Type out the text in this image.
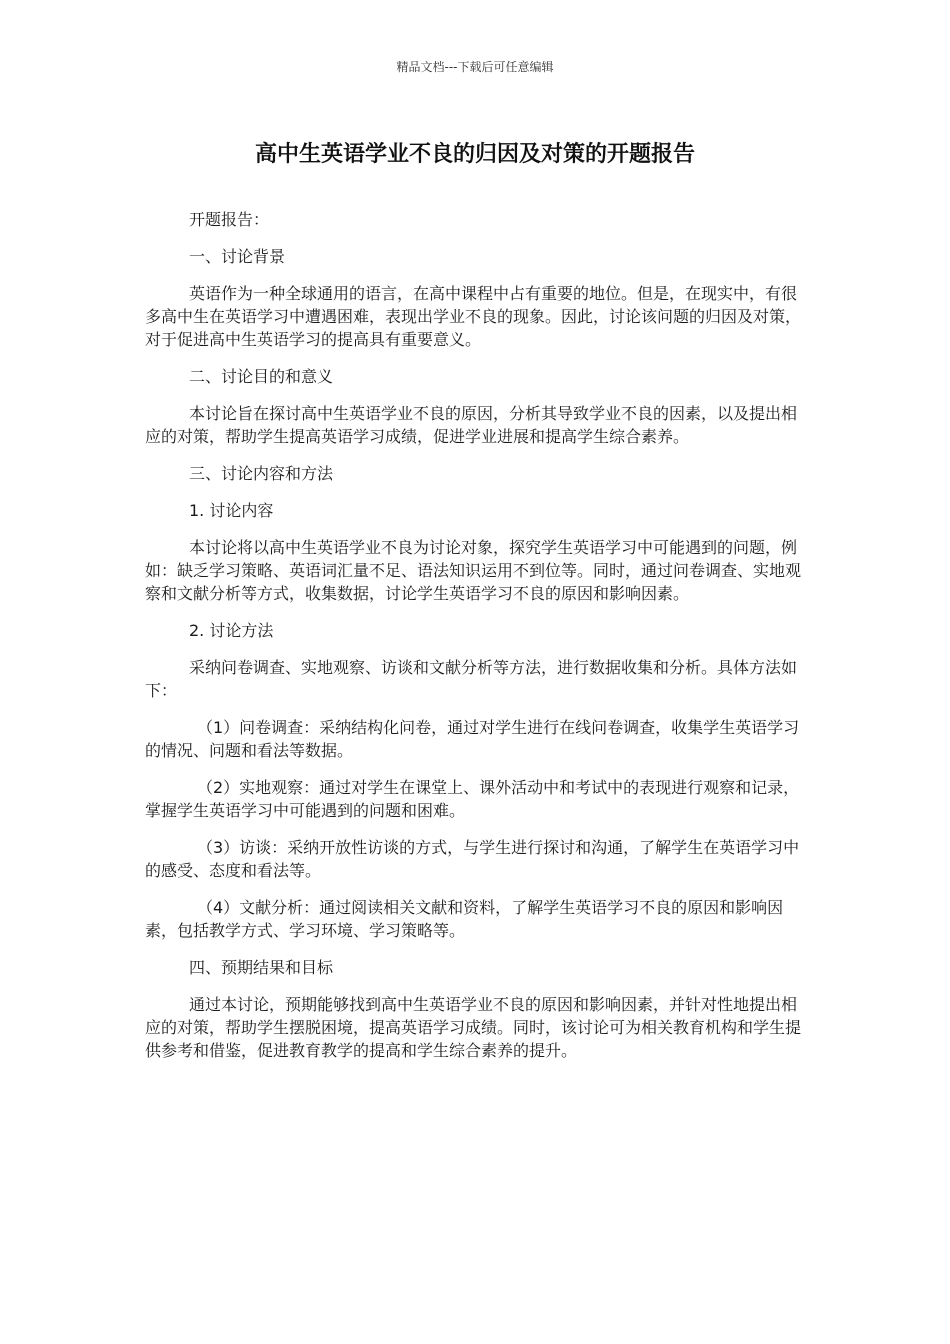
精品文档---下载后可任意编辑
高中生英语学业不良的归因及对策的开题报告

开题报告：

一、讨论背景

英语作为一种全球通用的语言，在高中课程中占有重要的地位。但是，在现实中，有很多高中生在英语学习中遭遇困难，表现出学业不良的现象。因此，讨论该问题的归因及对策，对于促进高中生英语学习的提高具有重要意义。

二、讨论目的和意义

本讨论旨在探讨高中生英语学业不良的原因，分析其导致学业不良的因素，以及提出相应的对策，帮助学生提高英语学习成绩，促进学业进展和提高学生综合素养。

三、讨论内容和方法

1. 讨论内容

本讨论将以高中生英语学业不良为讨论对象，探究学生英语学习中可能遇到的问题，例如：缺乏学习策略、英语词汇量不足、语法知识运用不到位等。同时，通过问卷调查、实地观察和文献分析等方式，收集数据，讨论学生英语学习不良的原因和影响因素。

2. 讨论方法

采纳问卷调查、实地观察、访谈和文献分析等方法，进行数据收集和分析。具体方法如下：

（1）问卷调查：采纳结构化问卷，通过对学生进行在线问卷调查，收集学生英语学习的情况、问题和看法等数据。

（2）实地观察：通过对学生在课堂上、课外活动中和考试中的表现进行观察和记录，掌握学生英语学习中可能遇到的问题和困难。

（3）访谈：采纳开放性访谈的方式，与学生进行探讨和沟通，了解学生在英语学习中的感受、态度和看法等。

（4）文献分析：通过阅读相关文献和资料，了解学生英语学习不良的原因和影响因素，包括教学方式、学习环境、学习策略等。

四、预期结果和目标

通过本讨论，预期能够找到高中生英语学业不良的原因和影响因素，并针对性地提出相应的对策，帮助学生摆脱困境，提高英语学习成绩。同时，该讨论可为相关教育机构和学生提供参考和借鉴，促进教育教学的提高和学生综合素养的提升。
